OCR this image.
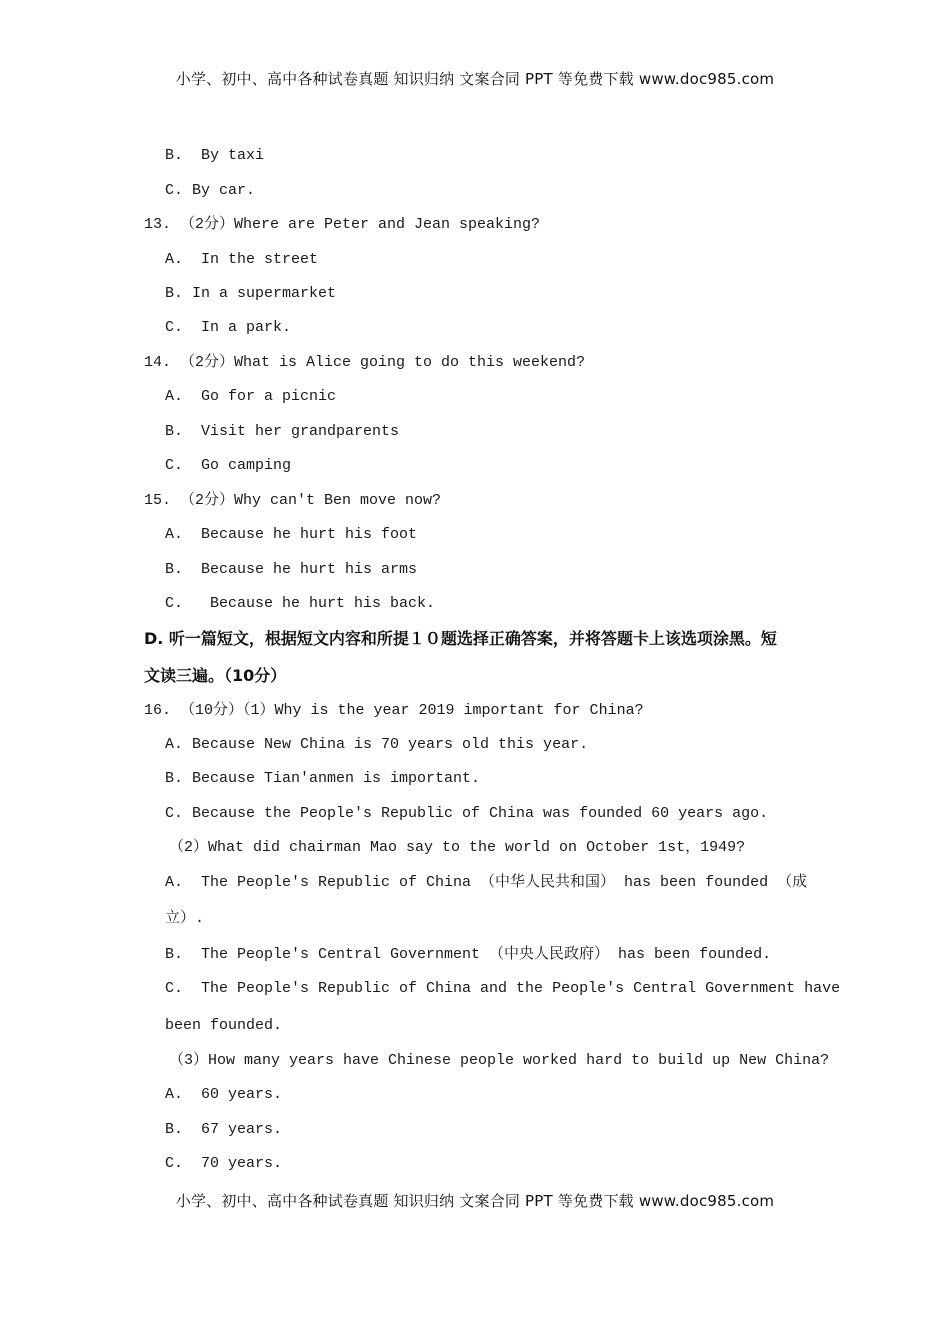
小学、初中、高中各种试卷真题 知识归纳 文案合同 PPT 等免费下载 www.doc985.com
B.  By taxi
C. By car.
13. （2分）Where are Peter and Jean speaking?
A.  In the street
B. In a supermarket
C.  In a park.
14. （2分）What is Alice going to do this weekend?
A.  Go for a picnic
B.  Visit her grandparents
C.  Go camping
15. （2分）Why can't Ben move now?
A.  Because he hurt his foot
B.  Because he hurt his arms
C.   Because he hurt his back.
D. 听一篇短文，根据短文内容和所提１０题选择正确答案，并将答题卡上该选项涂黑。短
文读三遍。（10分）
16. （10分）（1）Why is the year 2019 important for China?
A. Because New China is 70 years old this year.
B. Because Tian'anmen is important.
C. Because the People's Republic of China was founded 60 years ago.
（2）What did chairman Mao say to the world on October 1st，1949?
A.  The People's Republic of China （中华人民共和国） has been founded （成
立）.
B.  The People's Central Government （中央人民政府） has been founded.
C.  The People's Republic of China and the People's Central Government have
been founded.
（3）How many years have Chinese people worked hard to build up New China?
A.  60 years.
B.  67 years.
C.  70 years.
小学、初中、高中各种试卷真题 知识归纳 文案合同 PPT 等免费下载 www.doc985.com
